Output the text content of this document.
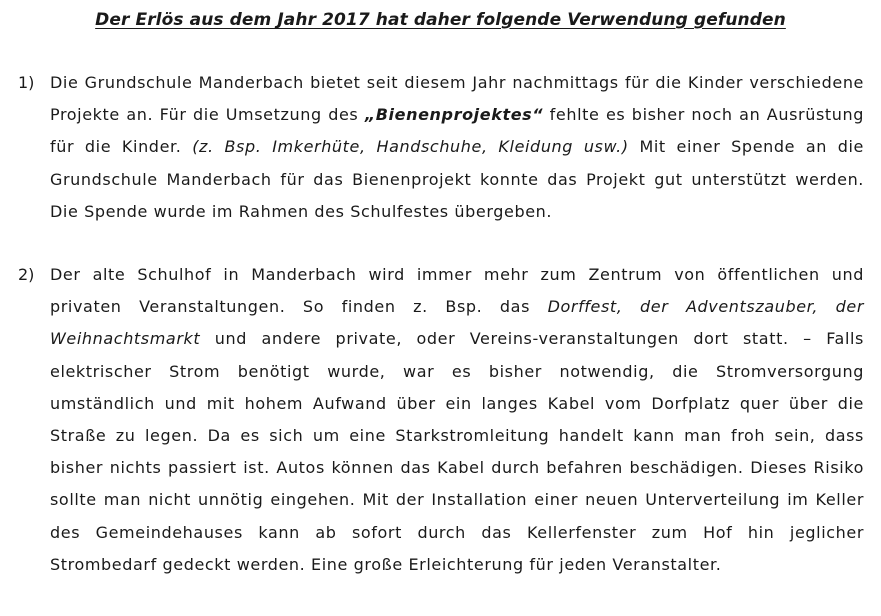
Der Erlös aus dem Jahr 2017 hat daher folgende Verwendung gefunden
1) Die Grundschule Manderbach bietet seit diesem Jahr nachmittags für die Kinder verschiedene Projekte an. Für die Umsetzung des „Bienenprojektes“ fehlte es bisher noch an Ausrüstung für die Kinder. (z. Bsp. Imkerhüte, Handschuhe, Kleidung usw.) Mit einer Spende an die Grundschule Manderbach für das Bienenprojekt konnte das Projekt gut unterstützt werden. Die Spende wurde im Rahmen des Schulfestes übergeben.
2) Der alte Schulhof in Manderbach wird immer mehr zum Zentrum von öffentlichen und privaten Veranstaltungen. So finden z. Bsp. das Dorffest, der Adventszauber, der Weihnachtsmarkt und andere private, oder Vereins-veranstaltungen dort statt. – Falls elektrischer Strom benötigt wurde, war es bisher notwendig, die Stromversorgung umständlich und mit hohem Aufwand über ein langes Kabel vom Dorfplatz quer über die Straße zu legen. Da es sich um eine Starkstromleitung handelt kann man froh sein, dass bisher nichts passiert ist. Autos können das Kabel durch befahren beschädigen. Dieses Risiko sollte man nicht unnötig eingehen. Mit der Installation einer neuen Unterverteilung im Keller des Gemeindehauses kann ab sofort durch das Kellerfenster zum Hof hin jeglicher Strombedarf gedeckt werden. Eine große Erleichterung für jeden Veranstalter.
